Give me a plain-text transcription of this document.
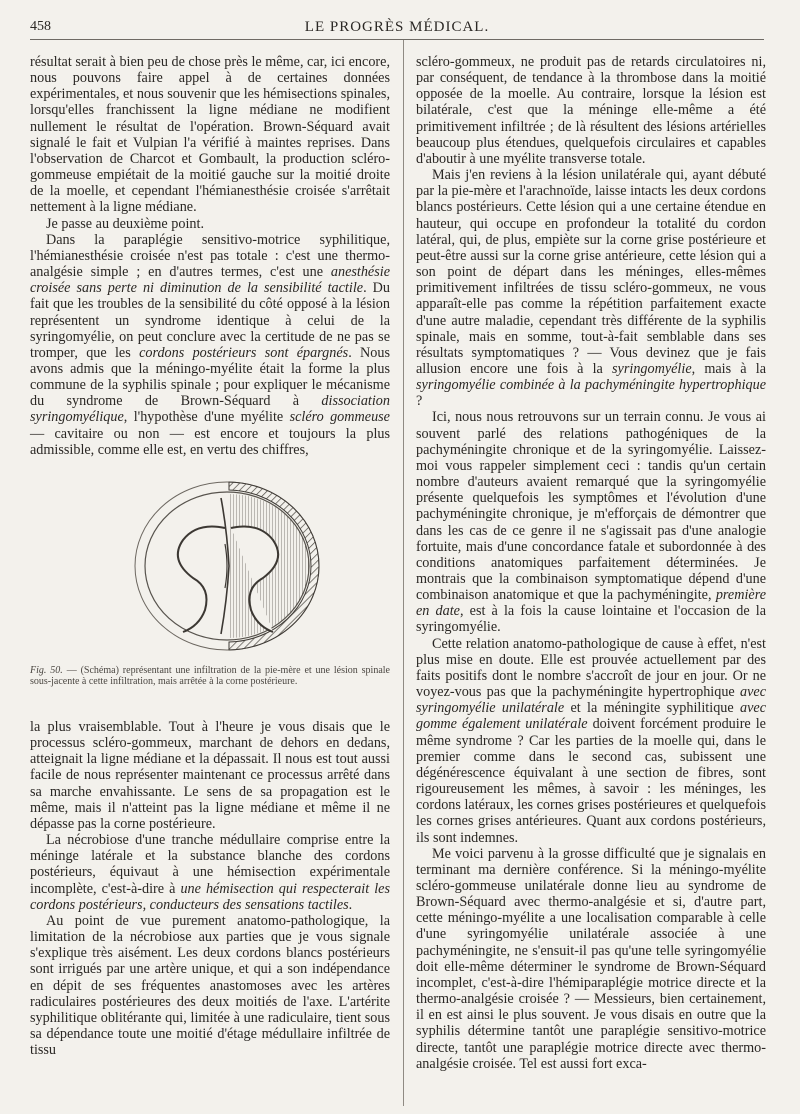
458	LE PROGRÈS MÉDICAL.

résultat serait à bien peu de chose près le même, car, ici encore, nous pouvons faire appel à de certaines données expérimentales, et nous souvenir que les hémisections spinales, lorsqu'elles franchissent la ligne médiane ne modifient nullement le résultat de l'opération. Brown-Séquard avait signalé le fait et Vulpian l'a vérifié à maintes reprises. Dans l'observation de Charcot et Gombault, la production scléro-gommeuse empiétait de la moitié gauche sur la moitié droite de la moelle, et cependant l'hémianesthésie croisée s'arrêtait nettement à la ligne médiane.

Je passe au deuxième point.

Dans la paraplégie sensitivo-motrice syphilitique, l'hémianesthésie croisée n'est pas totale : c'est une thermo-analgésie simple ; en d'autres termes, c'est une anesthésie croisée sans perte ni diminution de la sensibilité tactile. Du fait que les troubles de la sensibilité du côté opposé à la lésion représentent un syndrome identique à celui de la syringomyélie, on peut conclure avec la certitude de ne pas se tromper, que les cordons postérieurs sont épargnés. Nous avons admis que la méningo-myélite était la forme la plus commune de la syphilis spinale ; pour expliquer le mécanisme du syndrome de Brown-Séquard à dissociation syringomyélique, l'hypothèse d'une myélite scléro gommeuse — cavitaire ou non — est encore et toujours la plus admissible, comme elle est, en vertu des chiffres,

Fig. 50. — (Schéma) représentant une infiltration de la pie-mère et une lésion spinale sous-jacente à cette infiltration, mais arrêtée à la corne postérieure.

la plus vraisemblable. Tout à l'heure je vous disais que le processus scléro-gommeux, marchant de dehors en dedans, atteignait la ligne médiane et la dépassait. Il nous est tout aussi facile de nous représenter maintenant ce processus arrêté dans sa marche envahissante. Le sens de sa propagation est le même, mais il n'atteint pas la ligne médiane et même il ne dépasse pas la corne postérieure.

La nécrobiose d'une tranche médullaire comprise entre la méninge latérale et la substance blanche des cordons postérieurs, équivaut à une hémisection expérimentale incomplète, c'est-à-dire à une hémisection qui respecterait les cordons postérieurs, conducteurs des sensations tactiles.

Au point de vue purement anatomo-pathologique, la limitation de la nécrobiose aux parties que je vous signale s'explique très aisément. Les deux cordons blancs postérieurs sont irrigués par une artère unique, et qui a son indépendance en dépit de ses fréquentes anastomoses avec les artères radiculaires postérieures des deux moitiés de l'axe. L'artérite syphilitique oblitérante qui, limitée à une radiculaire, tient sous sa dépendance toute une moitié d'étage médullaire infiltrée de tissu

scléro-gommeux, ne produit pas de retards circulatoires ni, par conséquent, de tendance à la thrombose dans la moitié opposée de la moelle. Au contraire, lorsque la lésion est bilatérale, c'est que la méninge elle-même a été primitivement infiltrée ; de là résultent des lésions artérielles beaucoup plus étendues, quelquefois circulaires et capables d'aboutir à une myélite transverse totale.

Mais j'en reviens à la lésion unilatérale qui, ayant débuté par la pie-mère et l'arachnoïde, laisse intacts les deux cordons blancs postérieurs. Cette lésion qui a une certaine étendue en hauteur, qui occupe en profondeur la totalité du cordon latéral, qui, de plus, empiète sur la corne grise postérieure et peut-être aussi sur la corne grise antérieure, cette lésion qui a son point de départ dans les méninges, elles-mêmes primitivement infiltrées de tissu scléro-gommeux, ne vous apparaît-elle pas comme la répétition parfaitement exacte d'une autre maladie, cependant très différente de la syphilis spinale, mais en somme, tout-à-fait semblable dans ses résultats symptomatiques ? — Vous devinez que je fais allusion encore une fois à la syringomyélie, mais à la syringomyélie combinée à la pachyméningite hypertrophique ?

Ici, nous nous retrouvons sur un terrain connu. Je vous ai souvent parlé des relations pathogéniques de la pachyméningite chronique et de la syringomyélie. Laissez-moi vous rappeler simplement ceci : tandis qu'un certain nombre d'auteurs avaient remarqué que la syringomyélie présente quelquefois les symptômes et l'évolution d'une pachyméningite chronique, je m'efforçais de démontrer que dans les cas de ce genre il ne s'agissait pas d'une analogie fortuite, mais d'une concordance fatale et subordonnée à des conditions anatomiques parfaitement déterminées. Je montrais que la combinaison symptomatique dépend d'une combinaison anatomique et que la pachyméningite, première en date, est à la fois la cause lointaine et l'occasion de la syringomyélie.

Cette relation anatomo-pathologique de cause à effet, n'est plus mise en doute. Elle est prouvée actuellement par des faits positifs dont le nombre s'accroît de jour en jour. Or ne voyez-vous pas que la pachyméningite hypertrophique avec syringomyélie unilatérale et la méningite syphilitique avec gomme également unilatérale doivent forcément produire le même syndrome ? Car les parties de la moelle qui, dans le premier comme dans le second cas, subissent une dégénérescence équivalant à une section de fibres, sont rigoureusement les mêmes, à savoir : les méninges, les cordons latéraux, les cornes grises postérieures et quelquefois les cornes grises antérieures. Quant aux cordons postérieurs, ils sont indemnes.

Me voici parvenu à la grosse difficulté que je signalais en terminant ma dernière conférence. Si la méningo-myélite scléro-gommeuse unilatérale donne lieu au syndrome de Brown-Séquard avec thermo-analgésie et si, d'autre part, cette méningo-myélite a une localisation comparable à celle d'une syringomyélie unilatérale associée à une pachyméningite, ne s'ensuit-il pas qu'une telle syringomyélie doit elle-même déterminer le syndrome de Brown-Séquard incomplet, c'est-à-dire l'hémiparaplégie motrice directe et la thermo-analgésie croisée ? — Messieurs, bien certainement, il en est ainsi le plus souvent. Je vous disais en outre que la syphilis détermine tantôt une paraplégie sensitivo-motrice directe, tantôt une paraplégie motrice directe avec thermo-analgésie croisée. Tel est aussi fort exca-
